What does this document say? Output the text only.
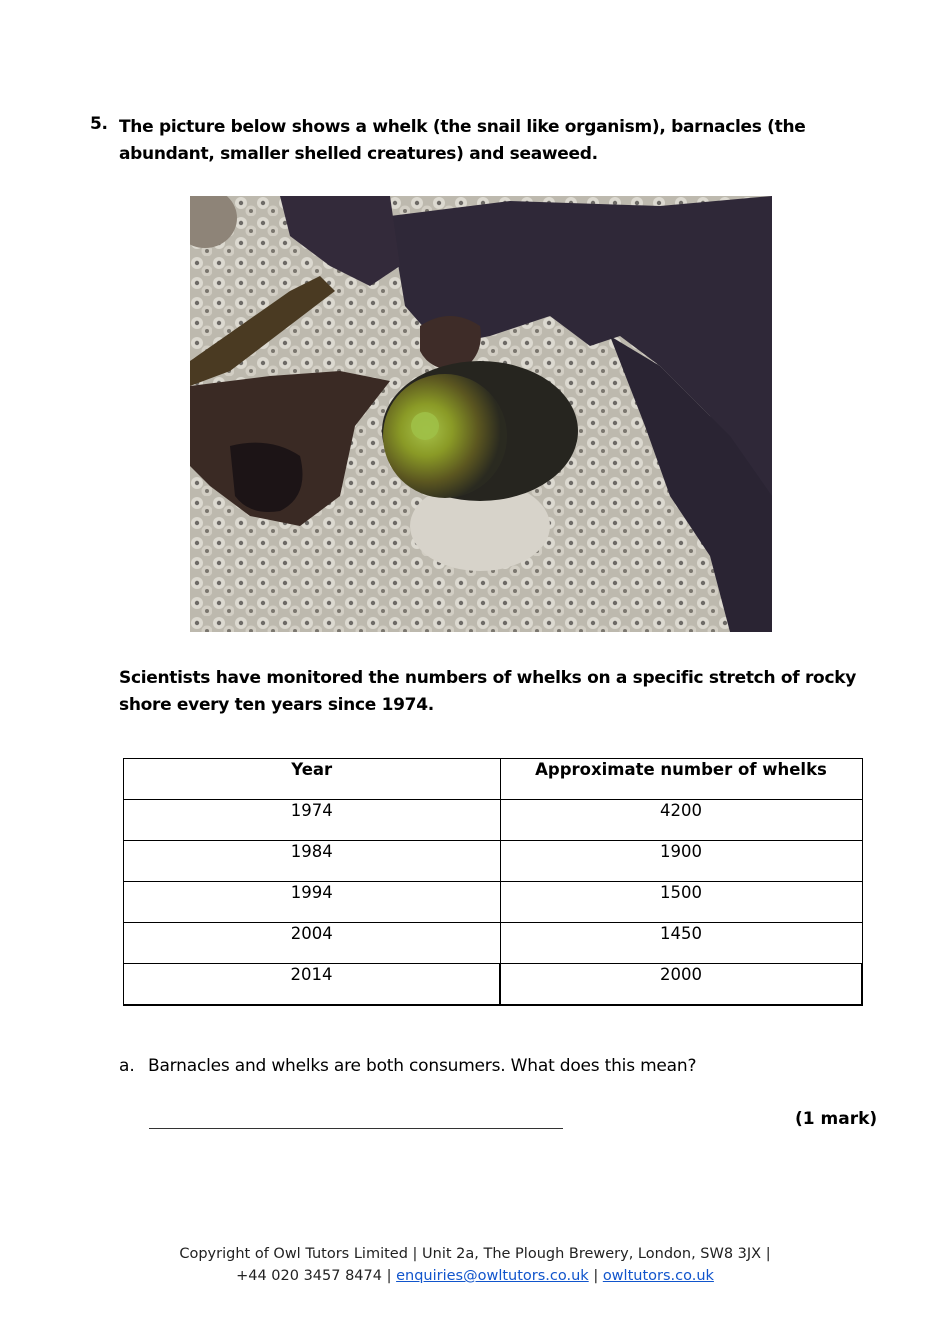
5. The picture below shows a whelk (the snail like organism), barnacles (the abundant, smaller shelled creatures) and seaweed.
Scientists have monitored the numbers of whelks on a specific stretch of rocky shore every ten years since 1974.
Year	Approximate number of whelks
1974	4200
1984	1900
1994	1500
2004	1450
2014	2000
a. Barnacles and whelks are both consumers. What does this mean?
(1 mark)
Copyright of Owl Tutors Limited | Unit 2a, The Plough Brewery, London, SW8 3JX |
+44 020 3457 8474 | enquiries@owltutors.co.uk | owltutors.co.uk
